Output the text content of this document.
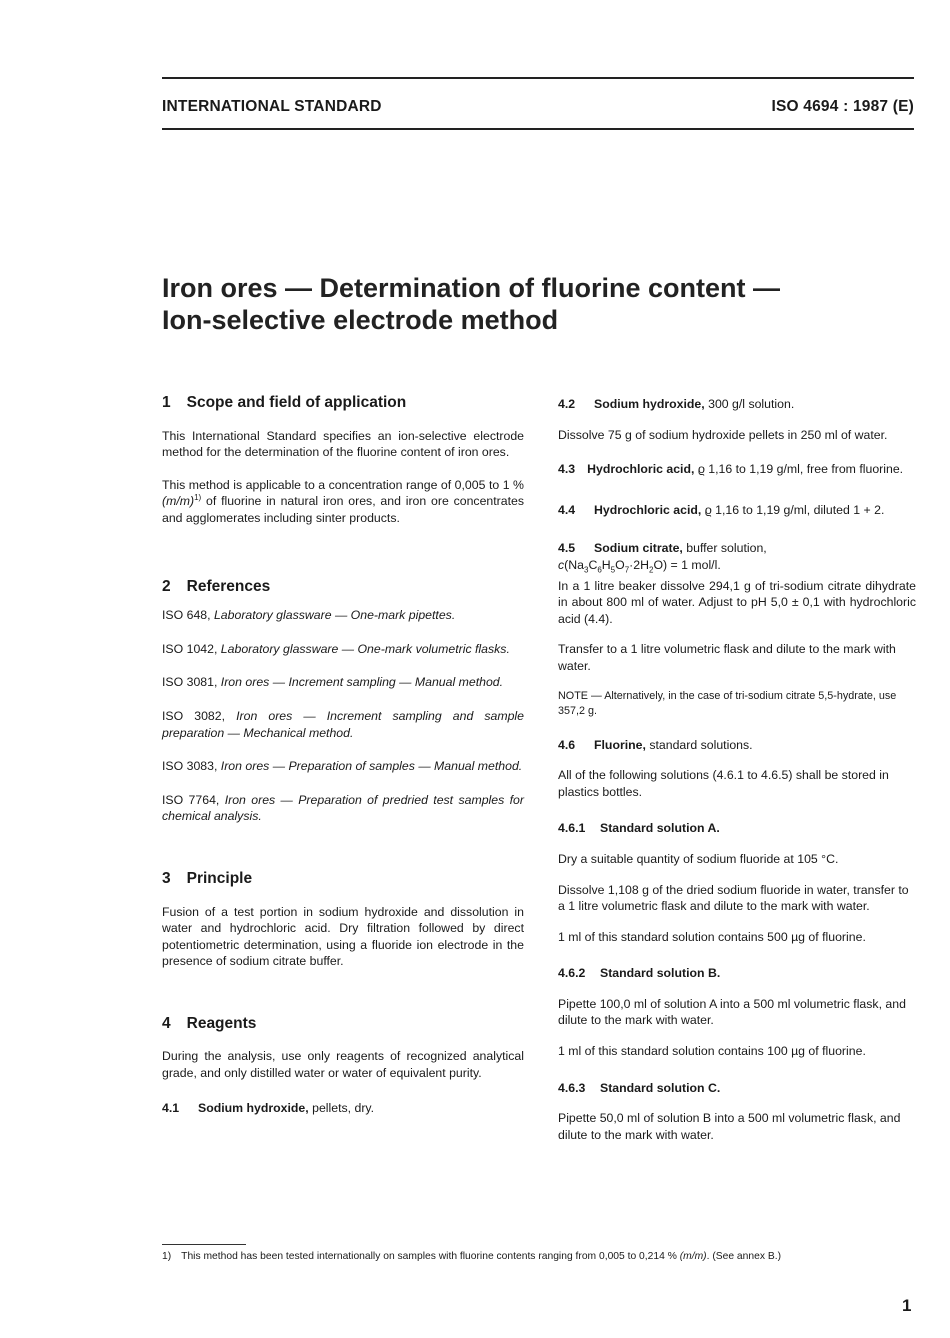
INTERNATIONAL STANDARD	ISO 4694 : 1987 (E)
Iron ores — Determination of fluorine content —
Ion-selective electrode method
1 Scope and field of application

This International Standard specifies an ion-selective electrode method for the determination of the fluorine content of iron ores.

This method is applicable to a concentration range of 0,005 to 1 % $(m/m)^{1)}$ of fluorine in natural iron ores, and iron ore concentrates and agglomerates including sinter products.

2 References

ISO 648, Laboratory glassware — One-mark pipettes.

ISO 1042, Laboratory glassware — One-mark volumetric flasks.

ISO 3081, Iron ores — Increment sampling — Manual method.

ISO 3082, Iron ores — Increment sampling and sample preparation — Mechanical method.

ISO 3083, Iron ores — Preparation of samples — Manual method.

ISO 7764, Iron ores — Preparation of predried test samples for chemical analysis.

3 Principle

Fusion of a test portion in sodium hydroxide and dissolution in water and hydrochloric acid. Dry filtration followed by direct potentiometric determination, using a fluoride ion electrode in the presence of sodium citrate buffer.

4 Reagents

During the analysis, use only reagents of recognized analytical grade, and only distilled water or water of equivalent purity.

4.1	Sodium hydroxide, pellets, dry.
4.2	Sodium hydroxide, 300 g/l solution.

Dissolve 75 g of sodium hydroxide pellets in 250 ml of water.

4.3 Hydrochloric acid, ϱ 1,16 to 1,19 g/ml, free from fluorine.
4.4	Hydrochloric acid, ϱ 1,16 to 1,19 g/ml, diluted 1 + 2.
4.5	Sodium citrate, buffer solution,

$c(Na_3C_6H_5O_7\cdot 2H_2O) = 1$ mol/l.

In a 1 litre beaker dissolve 294,1 g of tri-sodium citrate dihydrate in about 800 ml of water. Adjust to pH 5,0 ± 0,1 with hydrochloric acid (4.4).

Transfer to a 1 litre volumetric flask and dilute to the mark with water.

NOTE — Alternatively, in the case of tri-sodium citrate 5,5-hydrate, use 357,2 g.

4.6	Fluorine, standard solutions.

All of the following solutions (4.6.1 to 4.6.5) shall be stored in plastics bottles.

4.6.1	Standard solution A.

Dry a suitable quantity of sodium fluoride at 105 °C.

Dissolve 1,108 g of the dried sodium fluoride in water, transfer to a 1 litre volumetric flask and dilute to the mark with water.

1 ml of this standard solution contains 500 µg of fluorine.

4.6.2	Standard solution B.

Pipette 100,0 ml of solution A into a 500 ml volumetric flask, and dilute to the mark with water.

1 ml of this standard solution contains 100 µg of fluorine.

4.6.3	Standard solution C.

Pipette 50,0 ml of solution B into a 500 ml volumetric flask, and dilute to the mark with water.

1) This method has been tested internationally on samples with fluorine contents ranging from 0,005 to 0,214 % (m/m). (See annex B.)
1
